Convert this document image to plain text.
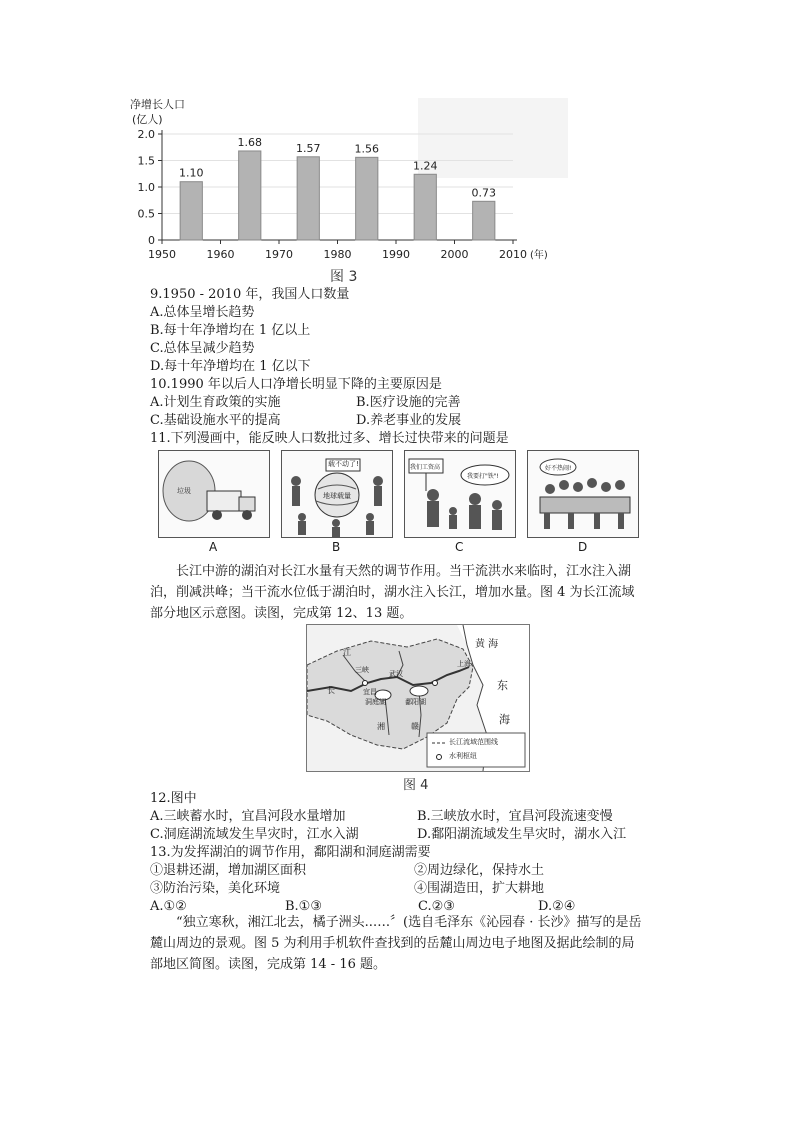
净增长人口
(亿人)
(年)
1.10
1.68	1.57	1.56
1.24
0.73
0
0.5
1.0
1.5
2.0
1950	1960	1970	1980	1990	2000	2010
图 3
9.1950 - 2010 年，我国人口数量
A.总体呈增长趋势
B.每十年净增均在 1 亿以上
C.总体呈减少趋势
D.每十年净增均在 1 亿以下
10.1990 年以后人口净增长明显下降的主要原因是
A.计划生育政策的实施	B.医疗设施的完善
C.基础设施水平的提高	D.养老事业的发展
11.下列漫画中，能反映人口数批过多、增长过快带来的问题是
垃圾
A
载不动了!
地球载量
B
我们工资高
我要打"铁"!
C
好不热闹!
D
长江中游的湖泊对长江水量有天然的调节作用。当干流洪水来临时，江水注入湖泊，削减洪峰；当干流水位低于湖泊时，湖水注入长江，增加水量。图 4 为长江流域部分地区示意图。读图，完成第 12、13 题。
黄 海
东
海
上海
三峡	武汉
宜昌
洞庭湖	鄱阳湖
江
长
湘	赣
长江流域范围线
水利枢纽
图 4
12.图中
A.三峡蓄水时，宜昌河段水量增加	B.三峡放水时，宜昌河段流速变慢
C.洞庭湖流域发生旱灾时，江水入湖	D.鄱阳湖流域发生旱灾时，湖水入江
13.为发挥湖泊的调节作用，鄱阳湖和洞庭湖需要
①退耕还湖，增加湖区面积	②周边绿化，保持水土
③防治污染，美化环境	④围湖造田，扩大耕地
A.①②	B.①③	C.②③	D.②④
“独立寒秋，湘江北去，橘子洲头..….〞(选自毛泽东《沁园春 · 长沙》描写的是岳麓山周边的景观。图 5 为利用手机软件查找到的岳麓山周边电子地图及据此绘制的局部地区简图。读图，完成第 14 - 16 题。
